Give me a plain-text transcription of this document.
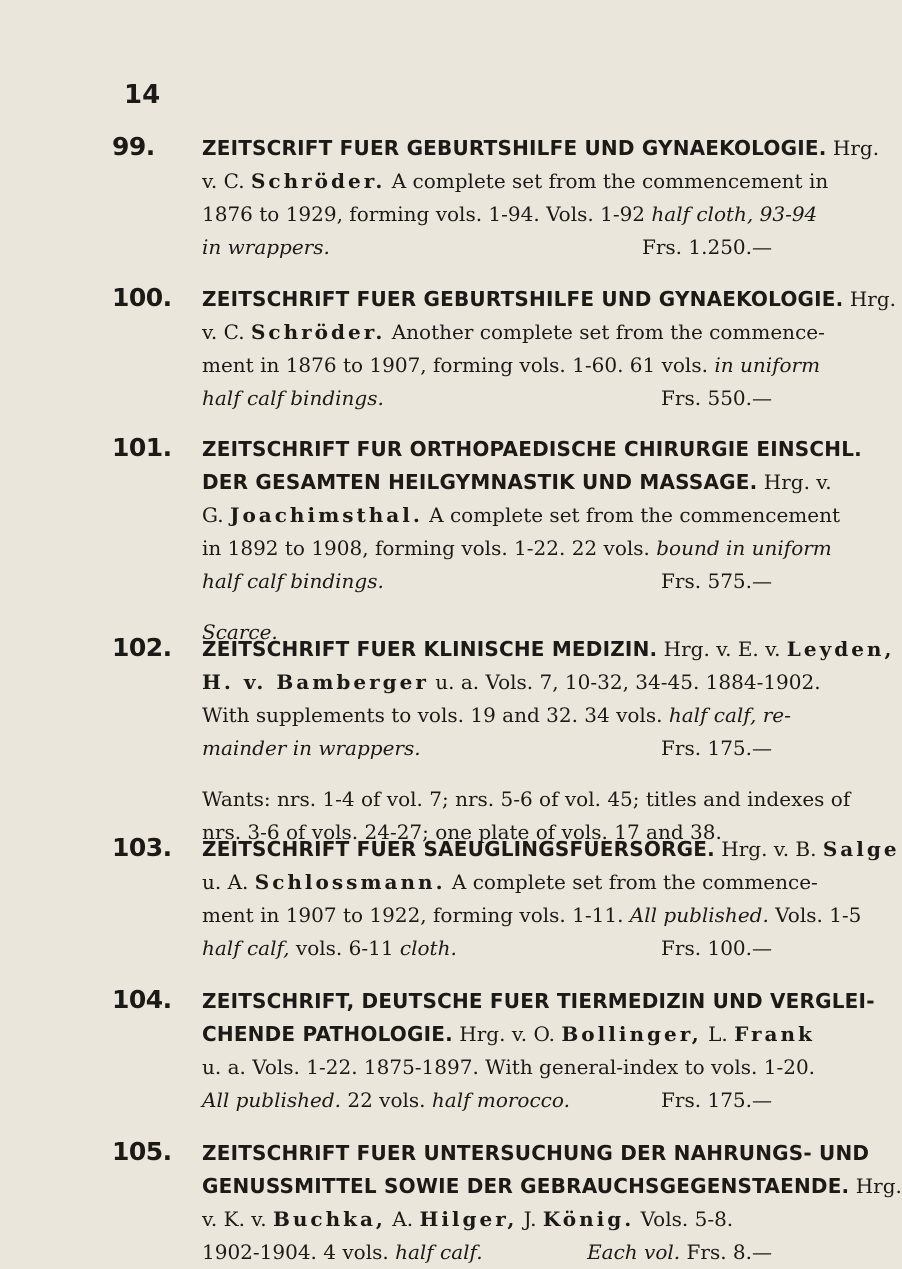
14
99.	ZEITSCRIFT FUER GEBURTSHILFE UND GYNAEKOLOGIE. Hrg.
v. C. Schröder. A complete set from the commencement in
1876 to 1929, forming vols. 1-94. Vols. 1-92 half cloth, 93-94
in wrappers.	Frs. 1.250.—
100.	ZEITSCHRIFT FUER GEBURTSHILFE UND GYNAEKOLOGIE. Hrg.
v. C. Schröder. Another complete set from the commence-
ment in 1876 to 1907, forming vols. 1-60. 61 vols. in uniform
half calf bindings.	Frs. 550.—
101.	ZEITSCHRIFT FUR ORTHOPAEDISCHE CHIRURGIE EINSCHL.
DER GESAMTEN HEILGYMNASTIK UND MASSAGE. Hrg. v.
G. Joachimsthal. A complete set from the commencement
in 1892 to 1908, forming vols. 1-22. 22 vols. bound in uniform
half calf bindings.	Frs. 575.—
Scarce.
102.	ZEITSCHRIFT FUER KLINISCHE MEDIZIN. Hrg. v. E. v. Leyden,
H. v. Bamberger u. a. Vols. 7, 10-32, 34-45. 1884-1902.
With supplements to vols. 19 and 32. 34 vols. half calf, re-
mainder in wrappers.	Frs. 175.—
Wants: nrs. 1-4 of vol. 7; nrs. 5-6 of vol. 45; titles and indexes of
nrs. 3-6 of vols. 24-27; one plate of vols. 17 and 38.
103.	ZEITSCHRIFT FUER SAEUGLINGSFUERSORGE. Hrg. v. B. Salge
u. A. Schlossmann. A complete set from the commence-
ment in 1907 to 1922, forming vols. 1-11. All published. Vols. 1-5
half calf, vols. 6-11 cloth.	Frs. 100.—
104.	ZEITSCHRIFT, DEUTSCHE FUER TIERMEDIZIN UND VERGLEI-
CHENDE PATHOLOGIE. Hrg. v. O. Bollinger, L. Frank
u. a. Vols. 1-22. 1875-1897. With general-index to vols. 1-20.
All published. 22 vols. half morocco.	Frs. 175.—
105.	ZEITSCHRIFT FUER UNTERSUCHUNG DER NAHRUNGS- UND
GENUSSMITTEL SOWIE DER GEBRAUCHSGEGENSTAENDE. Hrg.
v. K. v. Buchka, A. Hilger, J. König. Vols. 5-8.
1902-1904. 4 vols. half calf.	Each vol. Frs. 8.—
